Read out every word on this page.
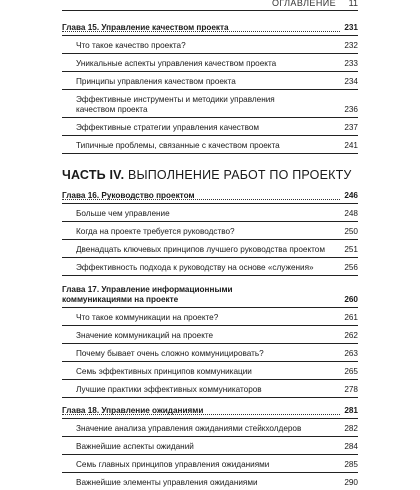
ОГЛАВЛЕНИЕ 11
Глава 15. Управление качеством проекта	231
Что такое качество проекта?	232
Уникальные аспекты управления качеством проекта	233
Принципы управления качеством проекта	234
Эффективные инструменты и методики управления качеством проекта	236
Эффективные стратегии управления качеством	237
Типичные проблемы, связанные с качеством проекта	241
ЧАСТЬ IV. ВЫПОЛНЕНИЕ РАБОТ ПО ПРОЕКТУ
Глава 16. Руководство проектом	246
Больше чем управление	248
Когда на проекте требуется руководство?	250
Двенадцать ключевых принципов лучшего руководства проектом 251
Эффективность подхода к руководству на основе «служения»	256
Глава 17. Управление информационными коммуникациями на проекте	260
Что такое коммуникации на проекте?	261
Значение коммуникаций на проекте	262
Почему бывает очень сложно коммуницировать?	263
Семь эффективных принципов коммуникации	265
Лучшие практики эффективных коммуникаторов	278
Глава 18. Управление ожиданиями	281
Значение анализа управления ожиданиями стейкхолдеров	282
Важнейшие аспекты ожиданий	284
Семь главных принципов управления ожиданиями	285
Важнейшие элементы управления ожиданиями	290
